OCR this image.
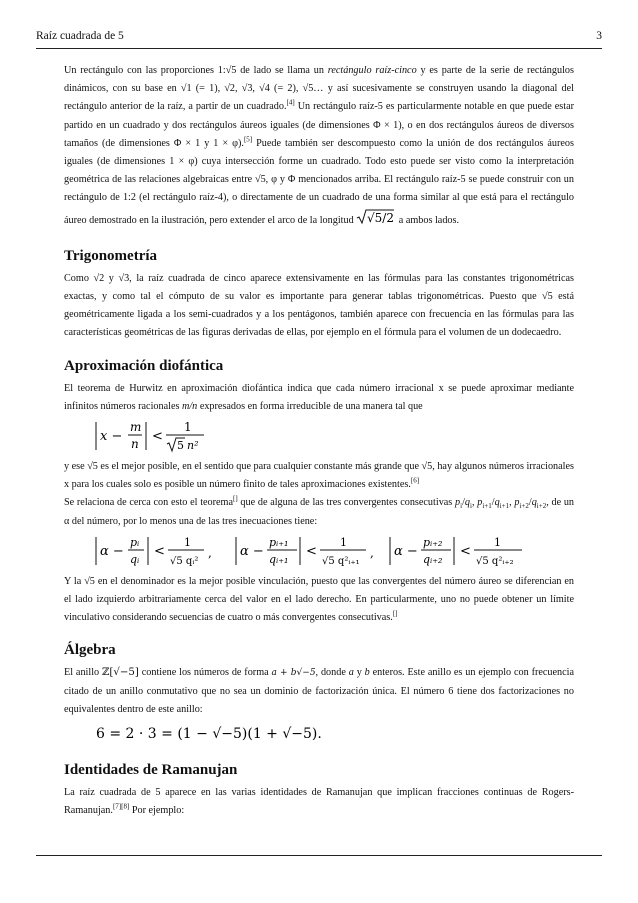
Raíz cuadrada de 5	3

Un rectángulo con las proporciones 1:√5 de lado se llama un rectángulo raíz-cinco y es parte de la serie de rectángulos dinámicos, con su base en √1 (= 1), √2, √3, √4 (= 2), √5… y así sucesivamente se construyen usando la diagonal del rectángulo anterior de la raíz, a partir de un cuadrado.[4] Un rectángulo raíz-5 es particularmente notable en que puede estar partido en un cuadrado y dos rectángulos áureos iguales (de dimensiones Φ × 1), o en dos rectángulos áureos de diversos tamaños (de dimensiones Φ × 1 y 1 × φ).[5] Puede también ser descompuesto como la unión de dos rectángulos áureos iguales (de dimensiones 1 × φ) cuya intersección forme un cuadrado. Todo esto puede ser visto como la interpretación geométrica de las relaciones algebraicas entre √5, φ y Φ mencionados arriba. El rectángulo raíz-5 se puede construir con un rectángulo de 1:2 (el rectángulo raíz-4), o directamente de un cuadrado de una forma similar al que está para el rectángulo áureo demostrado en la ilustración, pero extender el arco de la longitud √5/2 a ambos lados.

Trigonometría

Como √2 y √3, la raíz cuadrada de cinco aparece extensivamente en las fórmulas para las constantes trigonométricas exactas, y como tal el cómputo de su valor es importante para generar tablas trigonométricas. Puesto que √5 está geométricamente ligada a los semi-cuadrados y a los pentágonos, también aparece con frecuencia en las fórmulas para las características geométricas de las figuras derivadas de ellas, por ejemplo en el fórmula para el volumen de un dodecaedro.

Aproximación diofántica

El teorema de Hurwitz en aproximación diofántica indica que cada número irracional x se puede aproximar mediante infinitos números racionales m/n expresados en forma irreducible de una manera tal que

x −
m
n <
1
5 n²

y ese √5 es el mejor posible, en el sentido que para cualquier constante más grande que √5, hay algunos números irracionales x para los cuales solo es posible un número finito de tales aproximaciones existentes.[6]

Se relaciona de cerca con esto el teorema[] que de alguna de las tres convergentes consecutivas $p_i/q_i$, $p_{i+1}/q_{i+1}$, $p_{i+2}/q_{i+2}$, de un α del número, por lo menos una de las tres inecuaciones tiene:

α −
pᵢ
qᵢ
<
1
√5 qᵢ²
, α −
pᵢ₊₁
qᵢ₊₁
<
1
√5 q²ᵢ₊₁
, α −
pᵢ₊₂
qᵢ₊₂
<
1
√5 q²ᵢ₊₂

Y la √5 en el denominador es la mejor posible vinculación, puesto que las convergentes del número áureo se diferencian en el lado izquierdo arbitrariamente cerca del valor en el lado derecho. En particularmente, uno no puede obtener un límite vinculativo considerando secuencias de cuatro o más convergentes consecutivas.[]

Álgebra

El anillo ℤ[√−5] contiene los números de forma a + b√−5, donde a y b enteros. Este anillo es un ejemplo con frecuencia citado de un anillo conmutativo que no sea un dominio de factorización única. El número 6 tiene dos factorizaciones no equivalentes dentro de este anillo:

6 = 2 · 3 = (1 − √−5)(1 + √−5).
Identidades de Ramanujan

La raíz cuadrada de 5 aparece en las varias identidades de Ramanujan que implican fracciones continuas de Rogers-Ramanujan.[7][8] Por ejemplo:
